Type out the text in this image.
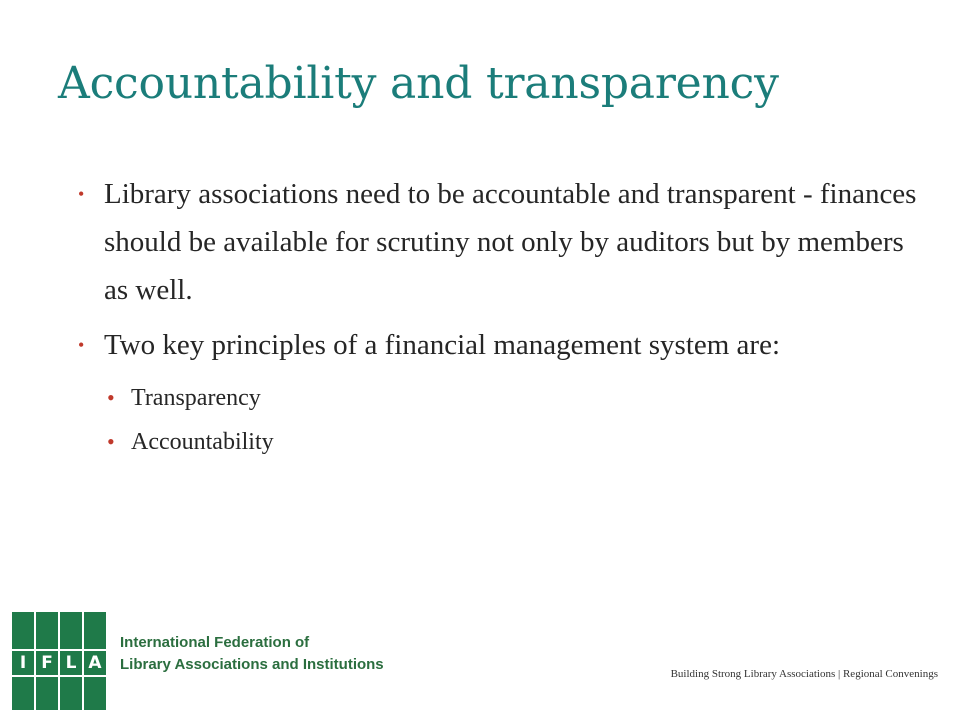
Accountability and transparency
• Library associations need to be accountable and transparent - finances should be available for scrutiny not only by auditors but by members as well.
• Two key principles of a financial management system are:
• Transparency
• Accountability
I F L A
International Federation of
Library Associations and Institutions
Building Strong Library Associations | Regional Convenings
